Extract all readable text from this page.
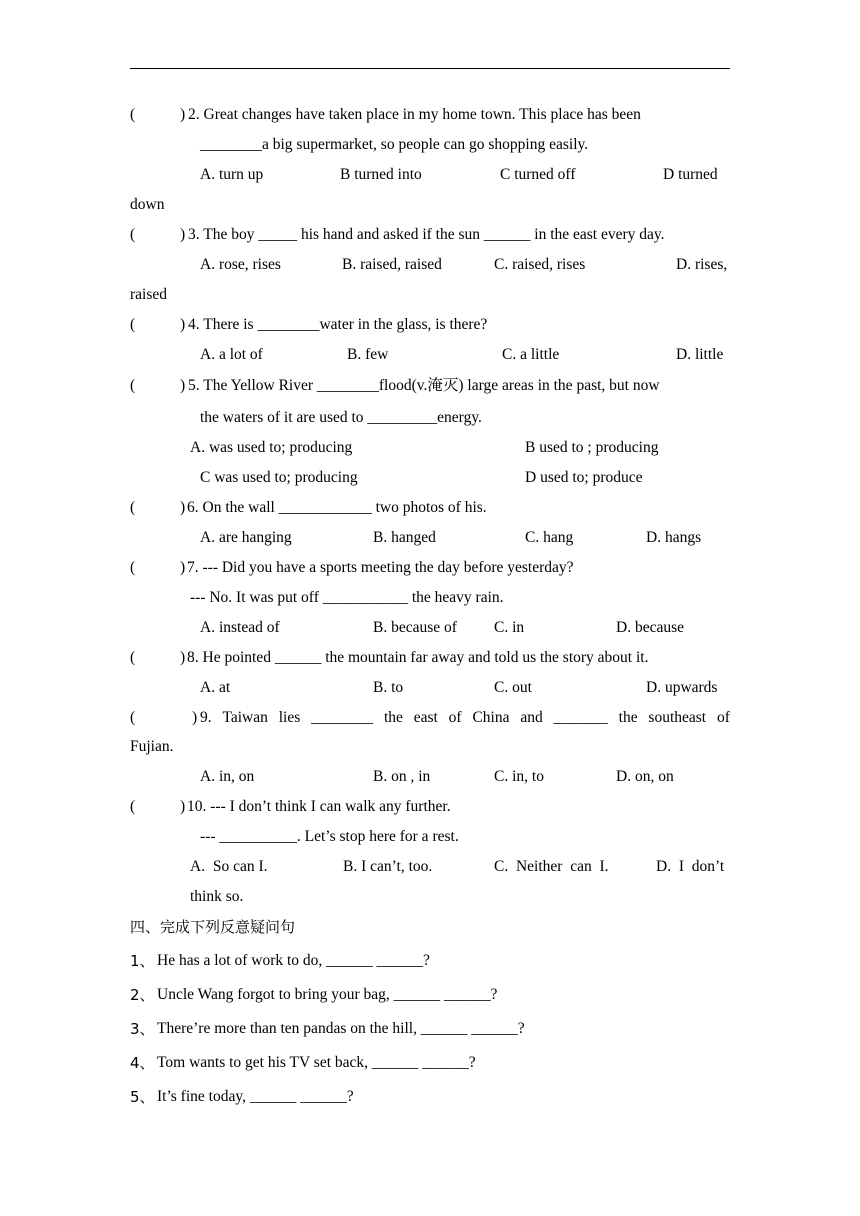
(	) 2. Great changes have taken place in my home town. This place has been
________a big supermarket, so people can go shopping easily.
A. turn up	B turned into	C turned off	D turned
down
(	) 3. The boy _____ his hand and asked if the sun ______ in the east every day.
A. rose, rises	B. raised, raised	C. raised, rises	D. rises,
raised
(	) 4. There is ________water in the glass, is there?
A. a lot of	B. few	C. a little	D. little
(	) 5. The Yellow River ________flood(v.淹灭) large areas in the past, but now
the waters of it are used to _________energy.
A. was used to; producing	B used to ; producing
C was used to; producing	D used to; produce
(	) 6. On the wall ____________ two photos of his.
A. are hanging	B. hanged	C. hang	D. hangs
(	) 7. --- Did you have a sports meeting the day before yesterday?
--- No. It was put off ___________ the heavy rain.
A. instead of	B. because of C. in	D. because
(	) 8. He pointed ______ the mountain far away and told us the story about it.
A. at	B. to	C. out	D. upwards
(	) 9. Taiwan lies ________ the east of China and _______ the southeast of
Fujian.
A. in, on	B. on , in	C. in, to	D. on, on
(	) 10. --- I don’t think I can walk any further.
--- __________. Let’s stop here for a rest.
A.  So can I.	B. I can’t, too.	C.  Neither  can  I.	D.  I  don’t
think so.
四、完成下列反意疑问句
1、 He has a lot of work to do, ______ ______?
2、 Uncle Wang forgot to bring your bag, ______ ______?
3、 There’re more than ten pandas on the hill, ______ ______?
4、 Tom wants to get his TV set back, ______ ______?
5、 It’s fine today, ______ ______?
